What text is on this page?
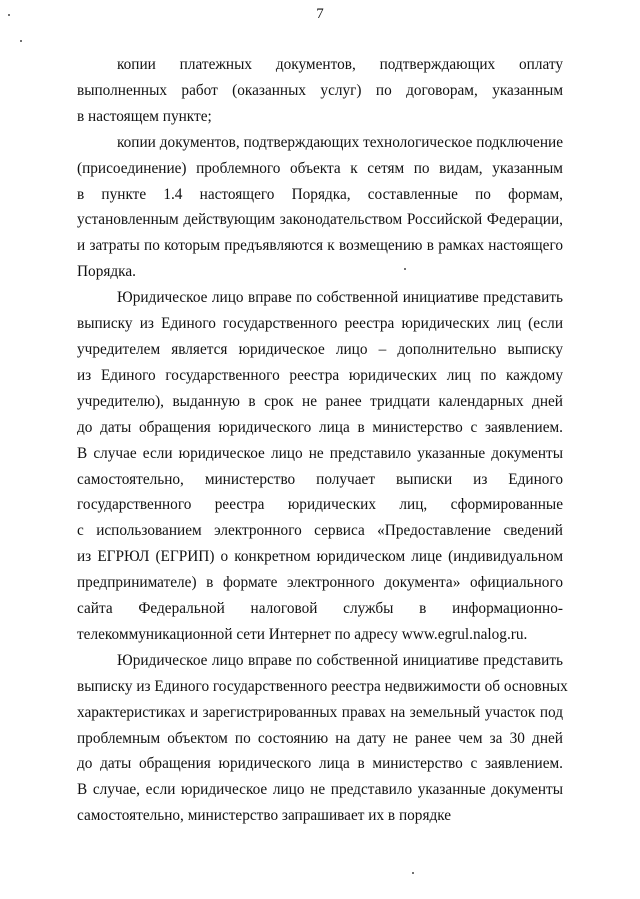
7
копии платежных документов, подтверждающих оплату
выполненных работ (оказанных услуг) по договорам, указанным
в настоящем пункте;
копии документов, подтверждающих технологическое подключение
(присоединение) проблемного объекта к сетям по видам, указанным
в пункте 1.4 настоящего Порядка, составленные по формам,
установленным действующим законодательством Российской Федерации,
и затраты по которым предъявляются к возмещению в рамках настоящего
Порядка.
Юридическое лицо вправе по собственной инициативе представить
выписку из Единого государственного реестра юридических лиц (если
учредителем является юридическое лицо – дополнительно выписку
из Единого государственного реестра юридических лиц по каждому
учредителю), выданную в срок не ранее тридцати календарных дней
до даты обращения юридического лица в министерство с заявлением.
В случае если юридическое лицо не представило указанные документы
самостоятельно, министерство получает выписки из Единого
государственного реестра юридических лиц, сформированные
с использованием электронного сервиса «Предоставление сведений
из ЕГРЮЛ (ЕГРИП) о конкретном юридическом лице (индивидуальном
предпринимателе) в формате электронного документа» официального
сайта Федеральной налоговой службы в информационно-
телекоммуникационной сети Интернет по адресу www.egrul.nalog.ru.
Юридическое лицо вправе по собственной инициативе представить
выписку из Единого государственного реестра недвижимости об основных
характеристиках и зарегистрированных правах на земельный участок под
проблемным объектом по состоянию на дату не ранее чем за 30 дней
до даты обращения юридического лица в министерство с заявлением.
В случае, если юридическое лицо не представило указанные документы
самостоятельно, министерство запрашивает их в порядке
